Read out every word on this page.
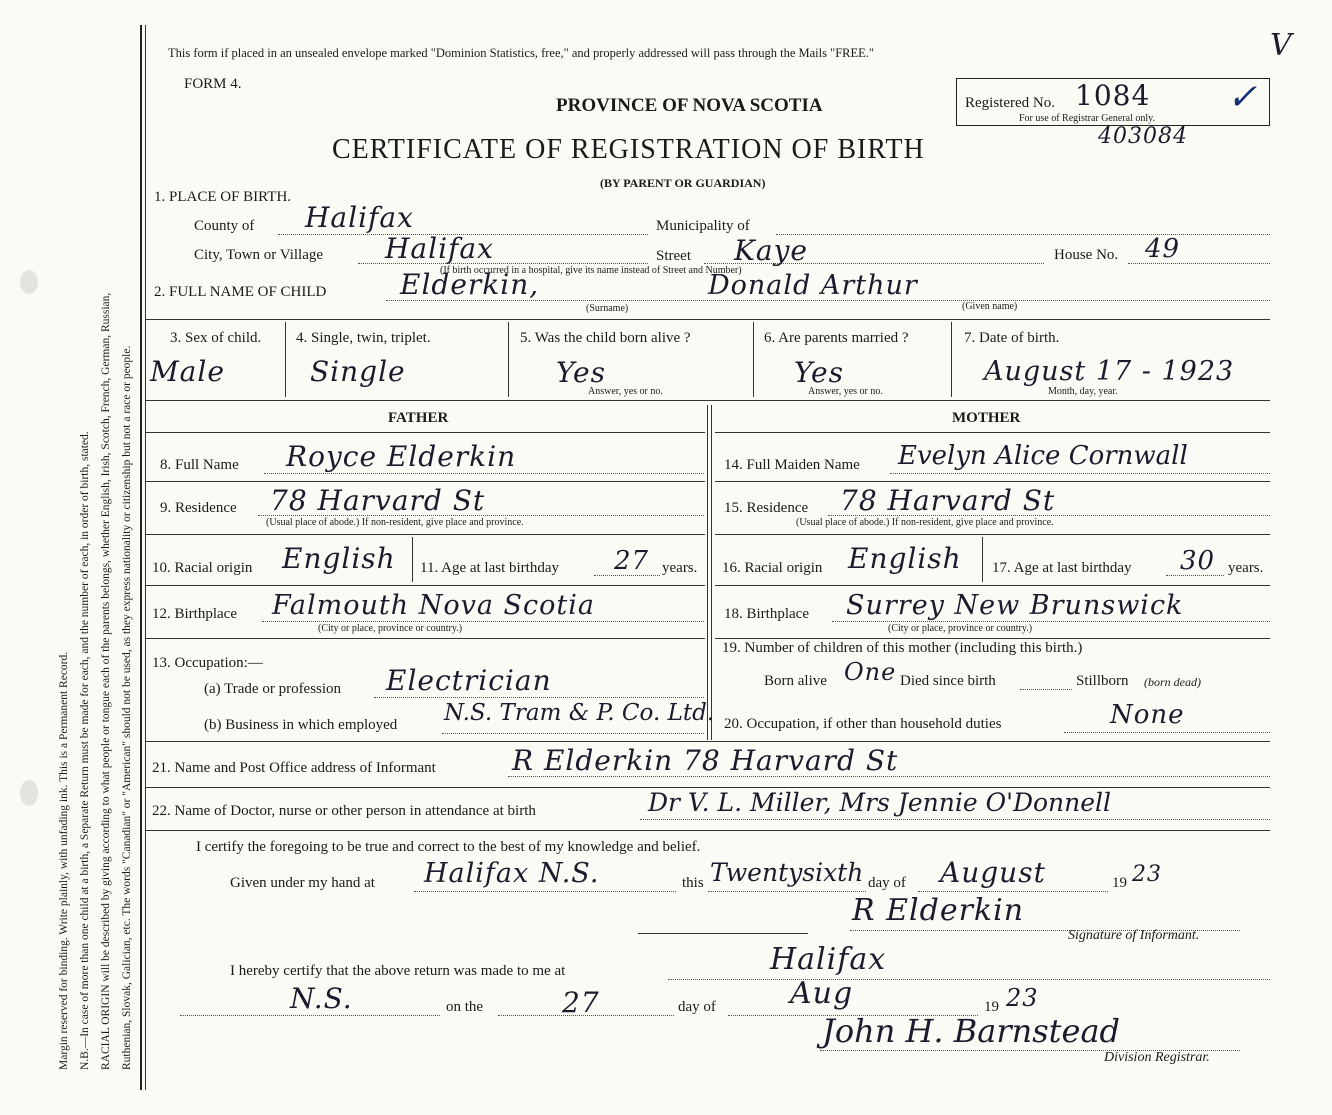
Margin reserved for binding. Write plainly, with unfading ink. This is a Permanent Record. N.B.—In case of more than one child at a birth, a Separate Return must be made for each, and the number of each, in order of birth, stated. RACIAL ORIGIN will be described by giving according to what people or tongue each of the parents belongs, whether English, Irish, Scotch, French, German, Russian, Ruthenian, Slovak, Galician, etc. The words "Canadian" or "American" should not be used, as they express nationality or citizenship but not a race or people.
This form if placed in an unsealed envelope marked "Dominion Statistics, free," and properly addressed will pass through the Mails "FREE."	V
FORM 4.
PROVINCE OF NOVA SCOTIA
CERTIFICATE OF REGISTRATION OF BIRTH	403084
(BY PARENT OR GUARDIAN)
Registered No. 1084
For use of Registrar General only.
✓
1. PLACE OF BIRTH.
County of Halifax	Municipality of
City, Town or Village Halifax	Street Kaye	House No. 49
(If birth occurred in a hospital, give its name instead of Street and Number)
2. FULL NAME OF CHILD	Elderkin,	Donald Arthur
(Surname)	(Given name)
3. Sex of child.
Male
4. Single, twin, triplet.
Single
5. Was the child born alive ?
Yes
Answer, yes or no.
6. Are parents married ?
Yes
Answer, yes or no.
7. Date of birth.
August 17 - 1923
Month, day, year.
FATHER	MOTHER
8. Full Name Royce Elderkin	14. Full Maiden Name Evelyn Alice Cornwall
9. Residence 78 Harvard St
(Usual place of abode.) If non-resident, give place and province.
15. Residence 78 Harvard St
(Usual place of abode.) If non-resident, give place and province.
10. Racial origin English 11. Age at last birthday 27 years. 16. Racial origin English 17. Age at last birthday 30 years.
12. Birthplace Falmouth Nova Scotia
(City or place, province or country.)
18. Birthplace Surrey New Brunswick
(City or place, province or country.)
13. Occupation:—
(a) Trade or profession Electrician
(b) Business in which employed N.S. Tram & P. Co. Ltd.
19. Number of children of this mother (including this birth.)
Born alive One Died since birth	Stillborn (born dead)
20. Occupation, if other than household duties	None
21. Name and Post Office address of Informant	R Elderkin 78 Harvard St
22. Name of Doctor, nurse or other person in attendance at birth	Dr V. L. Miller, Mrs Jennie O'Donnell
I certify the foregoing to be true and correct to the best of my knowledge and belief.
Given under my hand at Halifax N.S.	this Twentysixth day of August	19 23
R Elderkin
Signature of Informant.
I hereby certify that the above return was made to me at	Halifax
N.S.	on the	27	day of Aug	19 23
John H. Barnstead
Division Registrar.
